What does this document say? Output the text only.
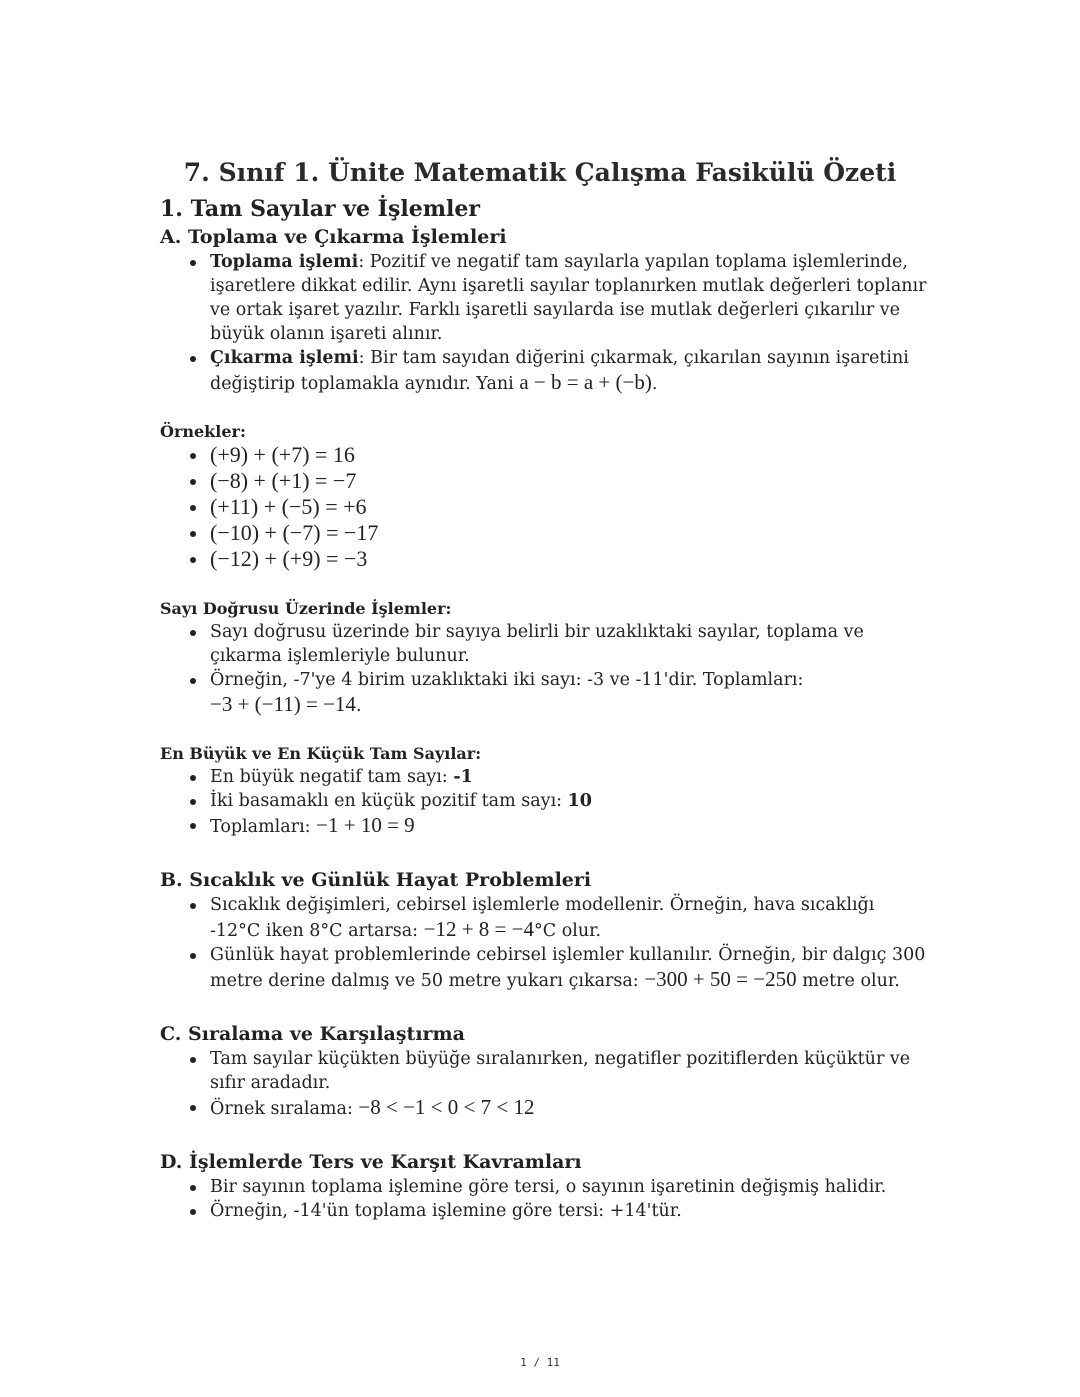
7. Sınıf 1. Ünite Matematik Çalışma Fasikülü Özeti
1. Tam Sayılar ve İşlemler
A. Toplama ve Çıkarma İşlemleri
Toplama işlemi: Pozitif ve negatif tam sayılarla yapılan toplama işlemlerinde, işaretlere dikkat edilir. Aynı işaretli sayılar toplanırken mutlak değerleri toplanır ve ortak işaret yazılır. Farklı işaretli sayılarda ise mutlak değerleri çıkarılır ve büyük olanın işareti alınır.
Çıkarma işlemi: Bir tam sayıdan diğerini çıkarmak, çıkarılan sayının işaretini değiştirip toplamakla aynıdır. Yani a − b = a + (−b).
Örnekler:
(+9) + (+7) = 16
(−8) + (+1) = −7
(+11) + (−5) = +6
(−10) + (−7) = −17
(−12) + (+9) = −3
Sayı Doğrusu Üzerinde İşlemler:
Sayı doğrusu üzerinde bir sayıya belirli bir uzaklıktaki sayılar, toplama ve çıkarma işlemleriyle bulunur.
Örneğin, -7'ye 4 birim uzaklıktaki iki sayı: -3 ve -11'dir. Toplamları:
−3 + (−11) = −14.
En Büyük ve En Küçük Tam Sayılar:
En büyük negatif tam sayı: -1
İki basamaklı en küçük pozitif tam sayı: 10
Toplamları: −1 + 10 = 9
B. Sıcaklık ve Günlük Hayat Problemleri
Sıcaklık değişimleri, cebirsel işlemlerle modellenir. Örneğin, hava sıcaklığı -12°C iken 8°C artarsa: −12 + 8 = −4°C olur.
Günlük hayat problemlerinde cebirsel işlemler kullanılır. Örneğin, bir dalgıç 300 metre derine dalmış ve 50 metre yukarı çıkarsa: −300 + 50 = −250 metre olur.
C. Sıralama ve Karşılaştırma
Tam sayılar küçükten büyüğe sıralanırken, negatifler pozitiflerden küçüktür ve sıfır aradadır.
Örnek sıralama: −8 < −1 < 0 < 7 < 12
D. İşlemlerde Ters ve Karşıt Kavramları
Bir sayının toplama işlemine göre tersi, o sayının işaretinin değişmiş halidir.
Örneğin, -14'ün toplama işlemine göre tersi: +14'tür.
1 / 11
